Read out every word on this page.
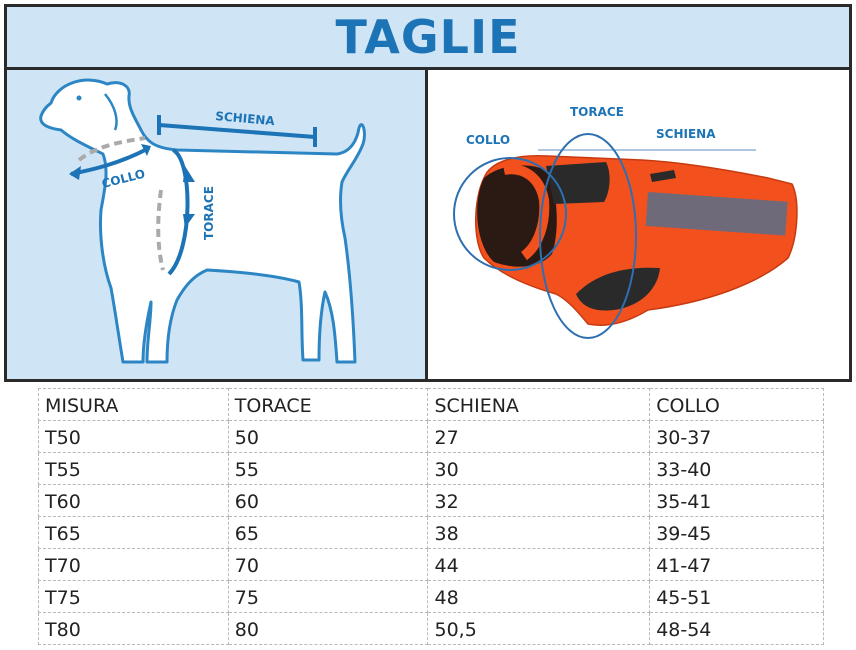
TAGLIE
SCHIENA
COLLO
TORACE
COLLO
TORACE
SCHIENA
MISURA	TORACE	SCHIENA	COLLO
T50	50	27	30-37
T55	55	30	33-40
T60	60	32	35-41
T65	65	38	39-45
T70	70	44	41-47
T75	75	48	45-51
T80	80	50,5	48-54
